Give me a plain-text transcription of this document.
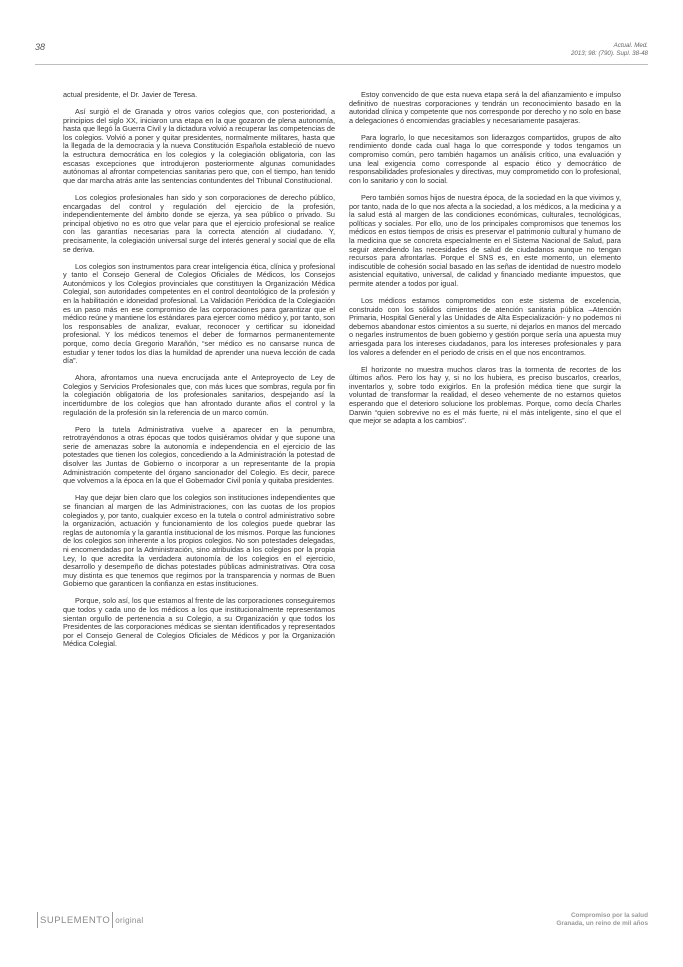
38	Actual. Med.
2013; 98: (790). Supl. 38-48

actual presidente, el Dr. Javier de Teresa.

Así surgió el de Granada y otros varios colegios que, con posterioridad, a principios del siglo XX, iniciaron una etapa en la que gozaron de plena autonomía, hasta que llegó la Guerra Civil y la dictadura volvió a recuperar las competencias de los colegios. Volvió a poner y quitar presidentes, normalmente militares, hasta que la llegada de la democracia y la nueva Constitución Española estableció de nuevo la estructura democrática en los colegios y la colegiación obligatoria, con las escasas excepciones que introdujeron posteriormente algunas comunidades autónomas al afrontar competencias sanitarias pero que, con el tiempo, han tenido que dar marcha atrás ante las sentencias contundentes del Tribunal Constitucional.

Los colegios profesionales han sido y son corporaciones de derecho público, encargadas del control y regulación del ejercicio de la profesión, independientemente del ámbito donde se ejerza, ya sea público o privado. Su principal objetivo no es otro que velar para que el ejercicio profesional se realice con las garantías necesarias para la correcta atención al ciudadano. Y, precisamente, la colegiación universal surge del interés general y social que de ella se deriva.

Los colegios son instrumentos para crear inteligencia ética, clínica y profesional y tanto el Consejo General de Colegios Oficiales de Médicos, los Consejos Autonómicos y los Colegios provinciales que constituyen la Organización Médica Colegial, son autoridades competentes en el control deontológico de la profesión y en la habilitación e idoneidad profesional. La Validación Periódica de la Colegiación es un paso más en ese compromiso de las corporaciones para garantizar que el médico reúne y mantiene los estándares para ejercer como médico y, por tanto, son los responsables de analizar, evaluar, reconocer y certificar su idoneidad profesional. Y los médicos tenemos el deber de formarnos permanentemente porque, como decía Gregorio Marañón, “ser médico es no cansarse nunca de estudiar y tener todos los días la humildad de aprender una nueva lección de cada día”.

Ahora, afrontamos una nueva encrucijada ante el Anteproyecto de Ley de Colegios y Servicios Profesionales que, con más luces que sombras, regula por fin la colegiación obligatoria de los profesionales sanitarios, despejando así la incertidumbre de los colegios que han afrontado durante años el control y la regulación de la profesión sin la referencia de un marco común.

Pero la tutela Administrativa vuelve a aparecer en la penumbra, retrotrayéndonos a otras épocas que todos quisiéramos olvidar y que supone una serie de amenazas sobre la autonomía e independencia en el ejercicio de las potestades que tienen los colegios, concediendo a la Administración la potestad de disolver las Juntas de Gobierno o incorporar a un representante de la propia Administración competente del órgano sancionador del Colegio. Es decir, parece que volvemos a la época en la que el Gobernador Civil ponía y quitaba presidentes.

Hay que dejar bien claro que los colegios son instituciones independientes que se financian al margen de las Administraciones, con las cuotas de los propios colegiados y, por tanto, cualquier exceso en la tutela o control administrativo sobre la organización, actuación y funcionamiento de los colegios puede quebrar las reglas de autonomía y la garantía institucional de los mismos. Porque las funciones de los colegios son inherente a los propios colegios. No son potestades delegadas, ni encomendadas por la Administración, sino atribuidas a los colegios por la propia Ley, lo que acredita la verdadera autonomía de los colegios en el ejercicio, desarrollo y desempeño de dichas potestades públicas administrativas. Otra cosa muy distinta es que tenemos que regirnos por la transparencia y normas de Buen Gobierno que garanticen la confianza en estas instituciones.

Porque, solo así, los que estamos al frente de las corporaciones conseguiremos que todos y cada uno de los médicos a los que institucionalmente representamos sientan orgullo de pertenencia a su Colegio, a su Organización y que todos los Presidentes de las corporaciones médicas se sientan identificados y representados por el Consejo General de Colegios Oficiales de Médicos y por la Organización Médica Colegial.

Estoy convencido de que esta nueva etapa será la del afianzamiento e impulso definitivo de nuestras corporaciones y tendrán un reconocimiento basado en la autoridad clínica y competente que nos corresponde por derecho y no solo en base a delegaciones ó encomiendas graciables y necesariamente pasajeras.

Para lograrlo, lo que necesitamos son liderazgos compartidos, grupos de alto rendimiento donde cada cual haga lo que corresponde y todos tengamos un compromiso común, pero también hagamos un análisis crítico, una evaluación y una leal exigencia como corresponde al espacio ético y democrático de responsabilidades profesionales y directivas, muy comprometido con lo profesional, con lo sanitario y con lo social.

Pero también somos hijos de nuestra época, de la sociedad en la que vivimos y, por tanto, nada de lo que nos afecta a la sociedad, a los médicos, a la medicina y a la salud está al margen de las condiciones económicas, culturales, tecnológicas, políticas y sociales. Por ello, uno de los principales compromisos que tenemos los médicos en estos tiempos de crisis es preservar el patrimonio cultural y humano de la medicina que se concreta especialmente en el Sistema Nacional de Salud, para seguir atendiendo las necesidades de salud de ciudadanos aunque no tengan recursos para afrontarlas. Porque el SNS es, en este momento, un elemento indiscutible de cohesión social basado en las señas de identidad de nuestro modelo asistencial equitativo, universal, de calidad y financiado mediante impuestos, que permite atender a todos por igual.

Los médicos estamos comprometidos con este sistema de excelencia, construido con los sólidos cimientos de atención sanitaria pública –Atención Primaria, Hospital General y las Unidades de Alta Especialización- y no podemos ni debemos abandonar estos cimientos a su suerte, ni dejarlos en manos del mercado o negarles instrumentos de buen gobierno y gestión porque sería una apuesta muy arriesgada para los intereses ciudadanos, para los intereses profesionales y para los valores a defender en el periodo de crisis en el que nos encontramos.

El horizonte no muestra muchos claros tras la tormenta de recortes de los últimos años. Pero los hay y, si no los hubiera, es preciso buscarlos, crearlos, inventarlos y, sobre todo exigirlos. En la profesión médica tiene que surgir la voluntad de transformar la realidad, el deseo vehemente de no estarnos quietos esperando que el deterioro solucione los problemas. Porque, como decía Charles Darwin “quien sobrevive no es el más fuerte, ni el más inteligente, sino el que el que mejor se adapta a los cambios”.

SUPLEMENTO original	Compromiso por la salud
Granada, un reino de mil años
